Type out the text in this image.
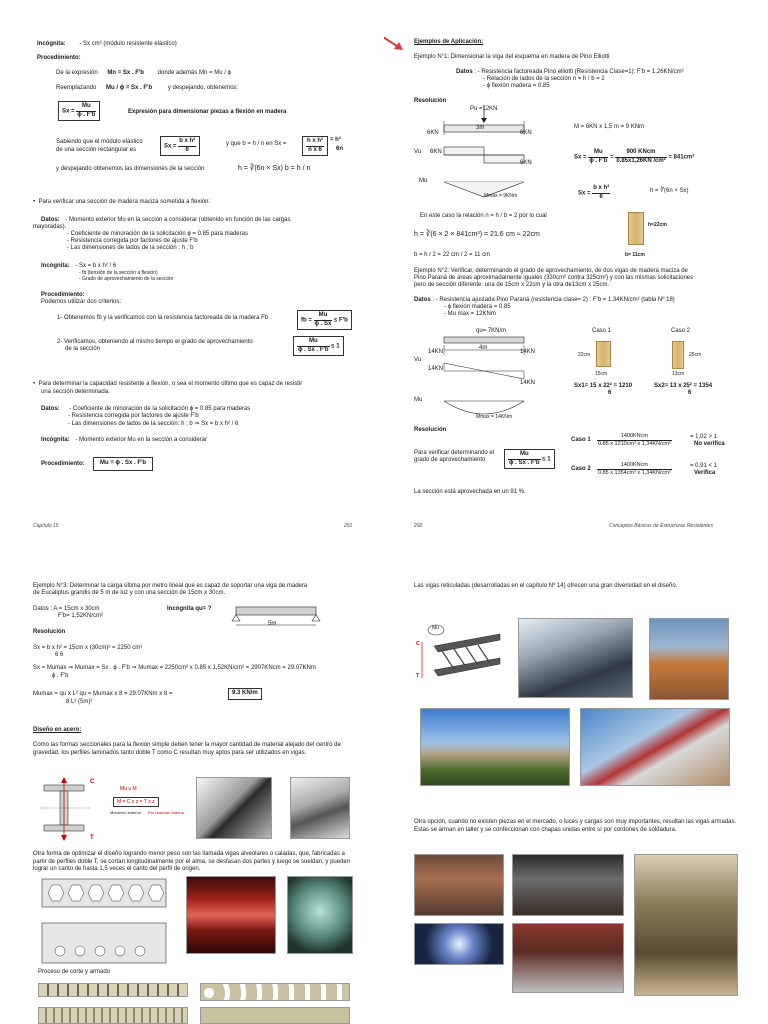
Incógnita: - Sx cm³ (módulo resistente elástico)
Procedimiento:
De la expresión Mn = Sx . F'b donde además Mn = Mu / ϕ
Reemplazando Mu / ϕ = Sx . F'b	y despejando, obtenemos:
$Sx = \frac{Mu}{\phi . F'b}$	Expresión para dimensionar piezas a flexión en madera
Sabiendo que el módulo elástico
de una sección rectangular es
$Sx = \frac{\text{b x h²}}{6}$	y que b = h / n en Sx =	$\frac{\text{h x h²}}{\text{n x 6}} = h^3$
6n
y despejando obtenemos las dimensiones de la sección	h = ∛(6n × Sx) b = h / n
•  Para verificar una sección de madera maciza sometida a flexión:
Datos: - Momento exterior Mu en la sección a considerar (obtenido en función de las cargas
mayoradas).
- Coeficiente de minoración de la solicitación ϕ = 0.85 para maderas
- Resistencia corregida por factores de ajuste F'b
- Las dimensiones de lados de la sección : h ; b
Incógnita: - Sx = b x h² / 6
- fb (tensión de la sección a flexión)
- Grado de aprovechamiento de la sección
Procedimiento:
Podemos utilizar dos criterios:
1- Obtenemos fb y la verificamos con la resistencia factoreada de la madera Fb	fb = $\frac{Mu}{\phi . Sx} \le F'b$
2- Verificamos, obteniendo al mismo tiempo el grado de aprovechamiento
de la sección	$\frac{Mu}{\phi . Sx . F'b} \le 1$
•  Para determinar la capacidad resistente a flexión, o sea el momento último que es capaz de resistir
una sección determinada.
Datos: - Coeficiente de minoración de la solicitación ϕ = 0.85 para maderas
- Resistencia corregida por factores de ajuste F'b
- Las dimensiones de lados de la sección: h ; b ⇒ Sx = b x h² / 6
Incógnita: - Momento exterior Mu en la sección a considerar
Procedimiento:	Mu = ϕ . Sx . F'b
Capítulo 15	291
Ejemplos de Aplicación:
Ejemplo N°1: Dimensionar la viga del esquema en madera de Pino Elliotti
Datos : - Resistencia factoreada Pino elliotti (Resistencia Clase=1): F'b = 1,26KN/cm²
- Relación de lados de la sección n = h / b = 2
- ϕ flexión madera = 0.85
Resolución
Pu =12KN
3m
6KN	6KN
Vu 6KN
6KN
Mu
Mmax = 9KNm
M = 6KN x 1,5 m = 9 KNm
$Sx = \frac{Mu}{\phi . F'b} = \frac{\text{900 KNcm}}{\text{0.85x1,26KN /cm²}} = 841cm^3$
$Sx = \frac{\text{b x h²}}{6}$	h = ∛(6n × Sx)
En este caso la relación n = h / b = 2 por lo cual
h = ∛(6 × 2 × 841cm³) = 21.6 cm ≈ 22cm
b = h / 2 = 22 cm / 2 = 11 cm
h=22cm
b= 11cm
Ejemplo N°2: Verificar, determinando el grado de aprovechamiento, de dos vigas de madera maciza de
Pino Paraná de áreas aproximadamente iguales (330cm² contra 325cm²) y con las mismas solicitaciones
pero de sección diferente: una de 15cm x 22cm y la otra de13cm x 25cm.
Datos : - Resistencia ajustada Pino Paraná (resistencia clase= 2) : F'b = 1.34KN/cm² (tabla Nº 18)
- ϕ flexión madera = 0.85
- Mu max = 12KNm
qu= 7KN/m
4m
14KN	14KN
Vu
14KN
14KN
Mu
Mmax = 14KNm
Caso 1	Caso 2
22cm
15cm
25cm
13cm
Sx1= 15 x 22² = 1210
6
Sx2= 13 x 25² = 1354
6
Resolución
Para verificar determinando el
grado de aprovechamiento	$\frac{Mu}{\phi . Sx . F'b} \le 1$
Caso $1 \frac{\text{1400KNcm}}{\text{0.85 x 1210cm³ x 1,34KN/cm²}}$	= 1,02 > 1
No verifica
Caso $2 \frac{\text{1400KNcm}}{\text{0.85 x 1354cm³ x 1,34KN/cm²}}$	= 0,91 < 1
Verifica
La sección está aprovechada en un 91 %.
292	Conceptos Básicos de Estructuras Resistentes
Ejemplo N°3: Determinar la carga última por metro lineal que es capaz de soportar una viga de madera
de Eucaliptus grandis de 5 m de luz y con una sección de 15cm x 30cm.
Datos : A = 15cm x 30cm
F'b= 1,52KN/cm²
Incógnita qu= ?
5m
Resolución
Sx = b x h² = 15cm x (30cm)² = 2250 cm³
6 6
Sx = Mumax ⇒ Mumax = Sx . ϕ . F'b ⇒ Mumax = 2250cm³ x 0.85 x 1,52KN/cm² = 2907KNcm = 29.07KNm
ϕ . F'b
Mumax = qu x L² qu = Mumax x 8 = 29.07KNm x 8 =
8 L² (5m)²
9.3 KN/m
Diseño en acero:
Como las formas seccionales para la flexión simple deben tener la mayor cantidad de material alejado del centro de gravedad, los perfiles laminados tanto doble T como C resultan muy aptos para ser utilizados en vigas.
C
T
Mu ≥ M
M = C x z = T x z
Momento exterior Por reacción interna
Otra forma de optimizar el diseño logrando menor peso son las llamada vigas alveolares o caladas, que, fabricadas a partir de perfiles doble T, se cortan longitudinalmente por el alma, se desfasan dos partes y luego se sueldan, y pueden lograr un canto de hasta 1,5 veces el canto del perfil de origen.
Proceso de corte y armado
Las vigas reticuladas (desarrolladas en el capítulo Nº 14) ofrecen una gran diversidad en el diseño.
Mu
C
T
Otra opción, cuando no existen piezas en el mercado, o luces y cargas son muy importantes, resultan las vigas armadas. Estas se arman en taller y se confeccionan con chapas unidas entre sí por cordones de soldadura.
